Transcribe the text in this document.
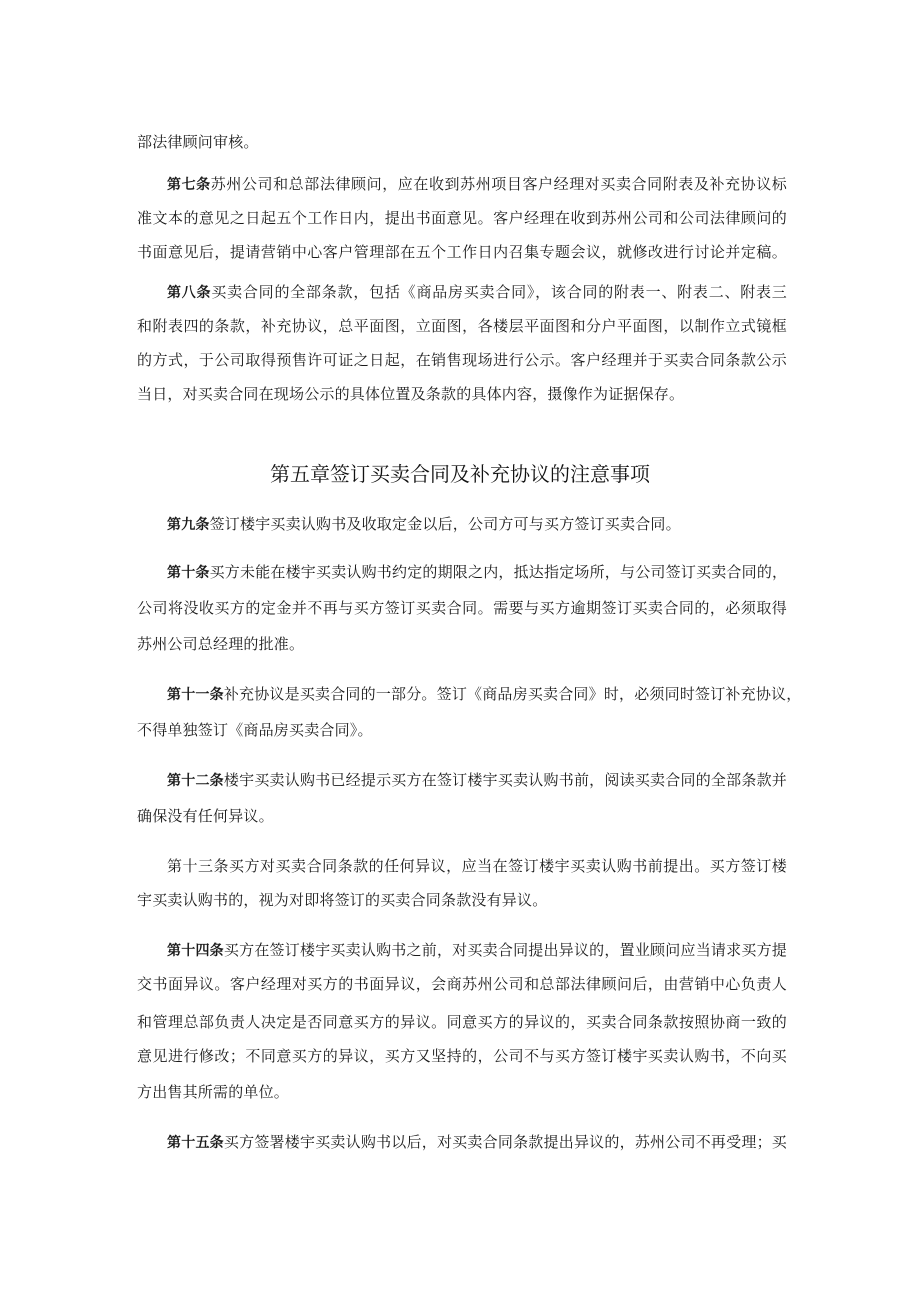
部法律顾问审核。
第七条苏州公司和总部法律顾问，应在收到苏州项目客户经理对买卖合同附表及补充协议标
准文本的意见之日起五个工作日内，提出书面意见。客户经理在收到苏州公司和公司法律顾问的
书面意见后，提请营销中心客户管理部在五个工作日内召集专题会议，就修改进行讨论并定稿。
第八条买卖合同的全部条款，包括《商品房买卖合同》，该合同的附表一、附表二、附表三
和附表四的条款，补充协议，总平面图，立面图，各楼层平面图和分户平面图，以制作立式镜框
的方式，于公司取得预售许可证之日起，在销售现场进行公示。客户经理并于买卖合同条款公示
当日，对买卖合同在现场公示的具体位置及条款的具体内容，摄像作为证据保存。
第五章签订买卖合同及补充协议的注意事项
第九条签订楼宇买卖认购书及收取定金以后，公司方可与买方签订买卖合同。
第十条买方未能在楼宇买卖认购书约定的期限之内，抵达指定场所，与公司签订买卖合同的，
公司将没收买方的定金并不再与买方签订买卖合同。需要与买方逾期签订买卖合同的，必须取得
苏州公司总经理的批准。
第十一条补充协议是买卖合同的一部分。签订《商品房买卖合同》时，必须同时签订补充协议，
不得单独签订《商品房买卖合同》。
第十二条楼宇买卖认购书已经提示买方在签订楼宇买卖认购书前，阅读买卖合同的全部条款并
确保没有任何异议。
第十三条买方对买卖合同条款的任何异议，应当在签订楼宇买卖认购书前提出。买方签订楼
宇买卖认购书的，视为对即将签订的买卖合同条款没有异议。
第十四条买方在签订楼宇买卖认购书之前，对买卖合同提出异议的，置业顾问应当请求买方提
交书面异议。客户经理对买方的书面异议，会商苏州公司和总部法律顾问后，由营销中心负责人
和管理总部负责人决定是否同意买方的异议。同意买方的异议的，买卖合同条款按照协商一致的
意见进行修改；不同意买方的异议，买方又坚持的，公司不与买方签订楼宇买卖认购书，不向买
方出售其所需的单位。
第十五条买方签署楼宇买卖认购书以后，对买卖合同条款提出异议的，苏州公司不再受理；买
